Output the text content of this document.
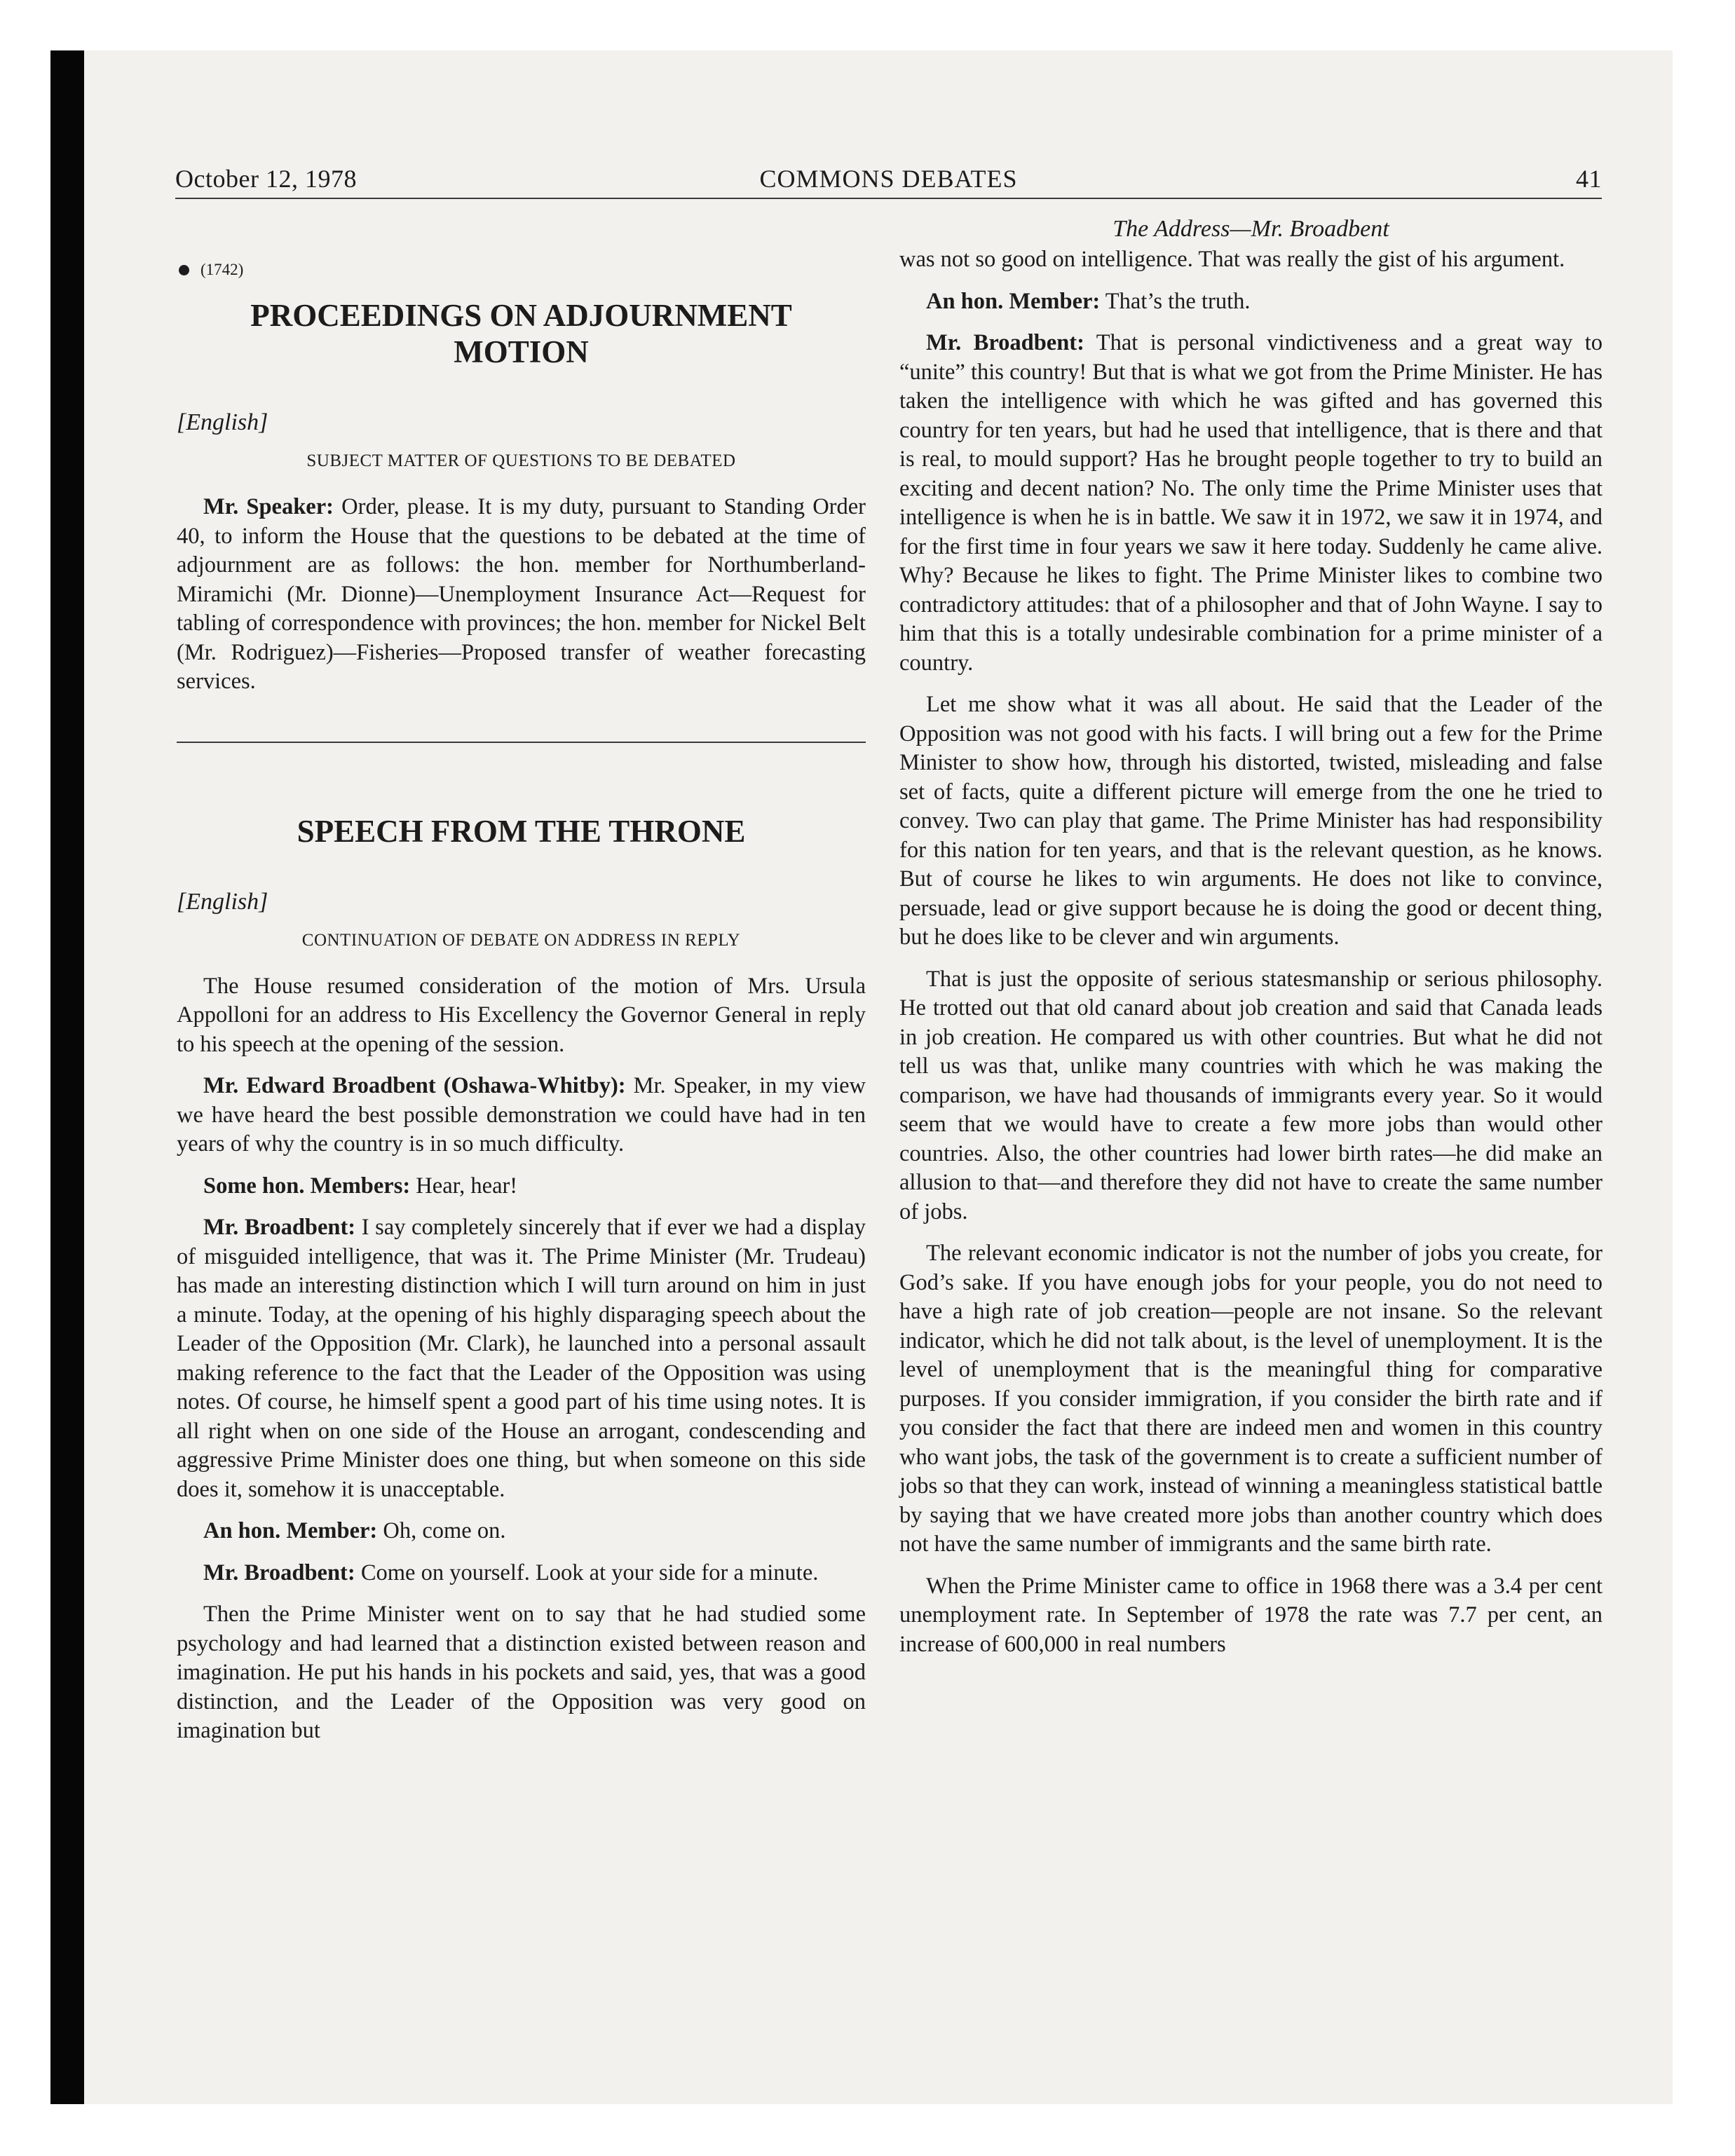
October 12, 1978	COMMONS DEBATES	41
(1742)
PROCEEDINGS ON ADJOURNMENT MOTION
[English]
SUBJECT MATTER OF QUESTIONS TO BE DEBATED

Mr. Speaker: Order, please. It is my duty, pursuant to Standing Order 40, to inform the House that the questions to be debated at the time of adjournment are as follows: the hon. member for Northumberland-Miramichi (Mr. Dionne)—Unemployment Insurance Act—Request for tabling of correspondence with provinces; the hon. member for Nickel Belt (Mr. Rodriguez)—Fisheries—Proposed transfer of weather forecasting services.

SPEECH FROM THE THRONE
[English]
CONTINUATION OF DEBATE ON ADDRESS IN REPLY

The House resumed consideration of the motion of Mrs. Ursula Appolloni for an address to His Excellency the Governor General in reply to his speech at the opening of the session.

Mr. Edward Broadbent (Oshawa-Whitby): Mr. Speaker, in my view we have heard the best possible demonstration we could have had in ten years of why the country is in so much difficulty.

Some hon. Members: Hear, hear!

Mr. Broadbent: I say completely sincerely that if ever we had a display of misguided intelligence, that was it. The Prime Minister (Mr. Trudeau) has made an interesting distinction which I will turn around on him in just a minute. Today, at the opening of his highly disparaging speech about the Leader of the Opposition (Mr. Clark), he launched into a personal assault making reference to the fact that the Leader of the Opposition was using notes. Of course, he himself spent a good part of his time using notes. It is all right when on one side of the House an arrogant, condescending and aggressive Prime Minister does one thing, but when someone on this side does it, somehow it is unacceptable.

An hon. Member: Oh, come on.

Mr. Broadbent: Come on yourself. Look at your side for a minute.

Then the Prime Minister went on to say that he had studied some psychology and had learned that a distinction existed between reason and imagination. He put his hands in his pockets and said, yes, that was a good distinction, and the Leader of the Opposition was very good on imagination but

The Address—Mr. Broadbent

was not so good on intelligence. That was really the gist of his argument.

An hon. Member: That’s the truth.

Mr. Broadbent: That is personal vindictiveness and a great way to “unite” this country! But that is what we got from the Prime Minister. He has taken the intelligence with which he was gifted and has governed this country for ten years, but had he used that intelligence, that is there and that is real, to mould support? Has he brought people together to try to build an exciting and decent nation? No. The only time the Prime Minister uses that intelligence is when he is in battle. We saw it in 1972, we saw it in 1974, and for the first time in four years we saw it here today. Suddenly he came alive. Why? Because he likes to fight. The Prime Minister likes to combine two contradictory attitudes: that of a philosopher and that of John Wayne. I say to him that this is a totally undesirable combination for a prime minister of a country.

Let me show what it was all about. He said that the Leader of the Opposition was not good with his facts. I will bring out a few for the Prime Minister to show how, through his distorted, twisted, misleading and false set of facts, quite a different picture will emerge from the one he tried to convey. Two can play that game. The Prime Minister has had responsibility for this nation for ten years, and that is the relevant question, as he knows. But of course he likes to win arguments. He does not like to convince, persuade, lead or give support because he is doing the good or decent thing, but he does like to be clever and win arguments.

That is just the opposite of serious statesmanship or serious philosophy. He trotted out that old canard about job creation and said that Canada leads in job creation. He compared us with other countries. But what he did not tell us was that, unlike many countries with which he was making the comparison, we have had thousands of immigrants every year. So it would seem that we would have to create a few more jobs than would other countries. Also, the other countries had lower birth rates—he did make an allusion to that—and therefore they did not have to create the same number of jobs.

The relevant economic indicator is not the number of jobs you create, for God’s sake. If you have enough jobs for your people, you do not need to have a high rate of job creation—people are not insane. So the relevant indicator, which he did not talk about, is the level of unemployment. It is the level of unemployment that is the meaningful thing for comparative purposes. If you consider immigration, if you consider the birth rate and if you consider the fact that there are indeed men and women in this country who want jobs, the task of the government is to create a sufficient number of jobs so that they can work, instead of winning a meaningless statistical battle by saying that we have created more jobs than another country which does not have the same number of immigrants and the same birth rate.

When the Prime Minister came to office in 1968 there was a 3.4 per cent unemployment rate. In September of 1978 the rate was 7.7 per cent, an increase of 600,000 in real numbers
